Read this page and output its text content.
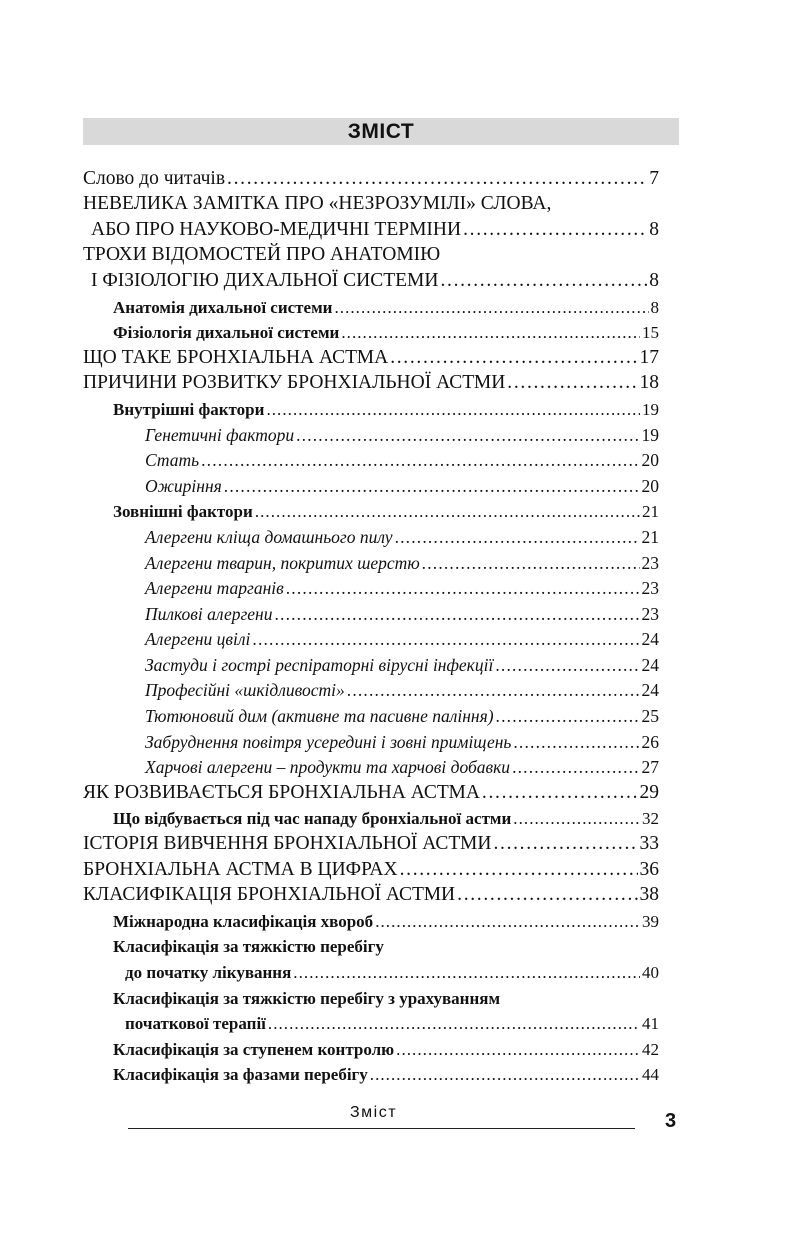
ЗМІСТ
Слово до читачів . . .	7
НЕВЕЛИКА ЗАМІТКА ПРО «НЕЗРОЗУМІЛІ» СЛОВА,
АБО ПРО НАУКОВО-МЕДИЧНІ ТЕРМІНИ . . .	8
ТРОХИ ВІДОМОСТЕЙ ПРО АНАТОМІЮ
І ФІЗІОЛОГІЮ ДИХАЛЬНОЇ СИСТЕМИ . . .	8
Анатомія дихальної системи . . .	8
Фізіологія дихальної системи . . .	15
ЩО ТАКЕ БРОНХІАЛЬНА АСТМА . . .	17
ПРИЧИНИ РОЗВИТКУ БРОНХІАЛЬНОЇ АСТМИ . . .	18
Внутрішні фактори . . .	19
Генетичні фактори . . .	19
Стать . . .	20
Ожиріння . . .	20
Зовнішні фактори . . .	21
Алергени кліща домашнього пилу . . .	21
Алергени тварин, покритих шерстю . . .	23
Алергени тарганів . . .	23
Пилкові алергени . . .	23
Алергени цвілі . . .	24
Застуди і гострі респіраторні вірусні інфекції . . .	24
Професійні «шкідливості» . . .	24
Тютюновий дим (активне та пасивне паління) . . .	25
Забруднення повітря усередині і зовні приміщень . . .	26
Харчові алергени – продукти та харчові добавки . . .	27
ЯК РОЗВИВАЄТЬСЯ БРОНХІАЛЬНА АСТМА . . .	29
Що відбувається під час нападу бронхіальної астми . . .	32
ІСТОРІЯ ВИВЧЕННЯ БРОНХІАЛЬНОЇ АСТМИ . . .	33
БРОНХІАЛЬНА АСТМА В ЦИФРАХ . . .	36
КЛАСИФІКАЦІЯ БРОНХІАЛЬНОЇ АСТМИ . . .	38
Міжнародна класифікація хвороб . . .	39
Класифікація за тяжкістю перебігу
до початку лікування . . .	40
Класифікація за тяжкістю перебігу з урахуванням
початкової терапії . . .	41
Класифікація за ступенем контролю . . .	42
Класифікація за фазами перебігу . . .	44
Зміст	3
